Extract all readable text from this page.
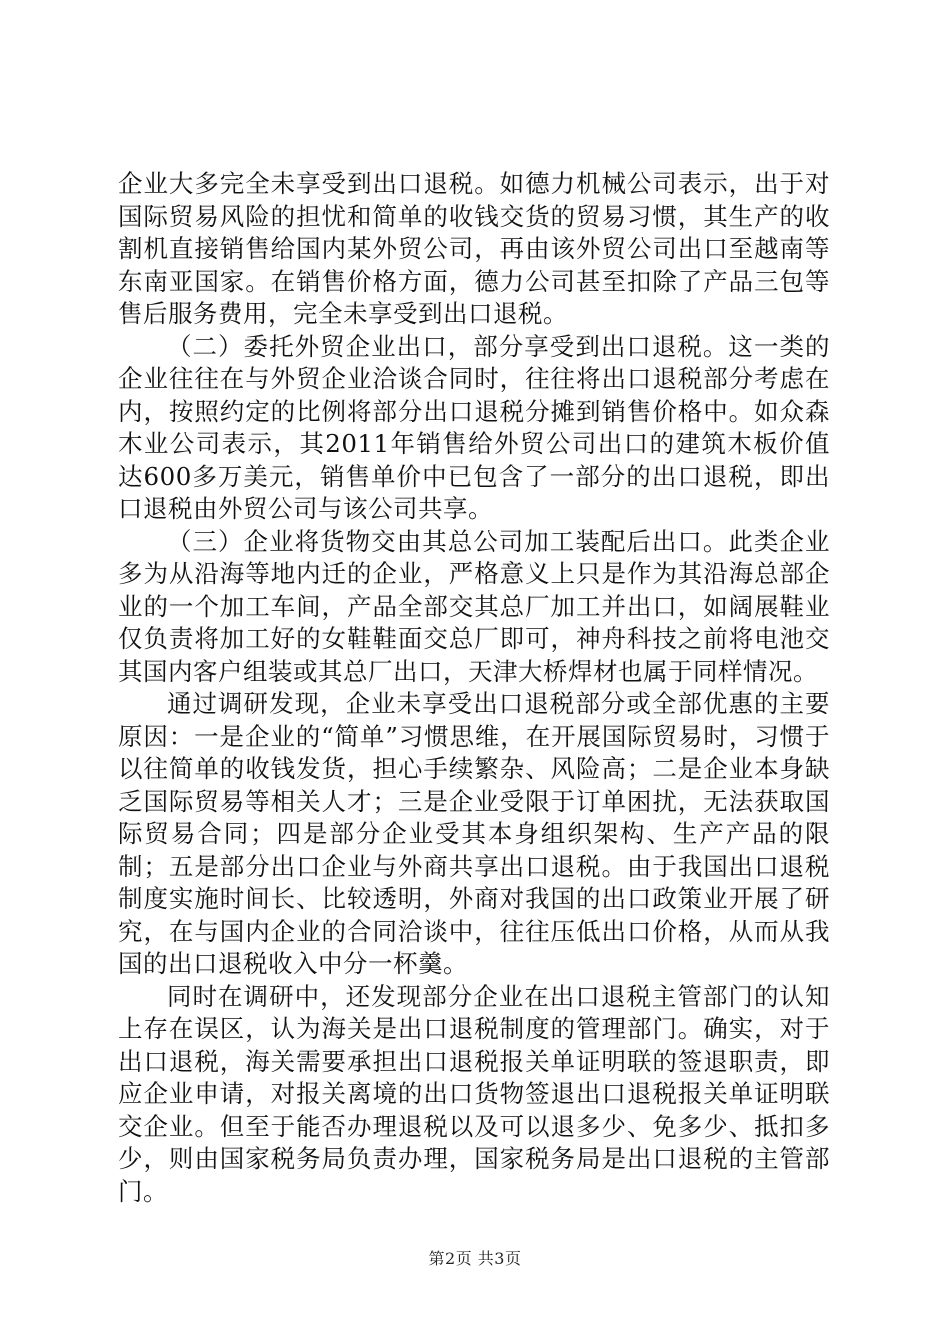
企业大多完全未享受到出口退税。如德力机械公司表示，出于对国际贸易风险的担忧和简单的收钱交货的贸易习惯，其生产的收割机直接销售给国内某外贸公司，再由该外贸公司出口至越南等东南亚国家。在销售价格方面，德力公司甚至扣除了产品三包等售后服务费用，完全未享受到出口退税。

（二）委托外贸企业出口，部分享受到出口退税。这一类的企业往往在与外贸企业洽谈合同时，往往将出口退税部分考虑在内，按照约定的比例将部分出口退税分摊到销售价格中。如众森木业公司表示，其2011年销售给外贸公司出口的建筑木板价值达600多万美元，销售单价中已包含了一部分的出口退税，即出口退税由外贸公司与该公司共享。

（三）企业将货物交由其总公司加工装配后出口。此类企业多为从沿海等地内迁的企业，严格意义上只是作为其沿海总部企业的一个加工车间，产品全部交其总厂加工并出口，如阔展鞋业仅负责将加工好的女鞋鞋面交总厂即可，神舟科技之前将电池交其国内客户组装或其总厂出口，天津大桥焊材也属于同样情况。

通过调研发现，企业未享受出口退税部分或全部优惠的主要原因：一是企业的“简单”习惯思维，在开展国际贸易时，习惯于以往简单的收钱发货，担心手续繁杂、风险高；二是企业本身缺乏国际贸易等相关人才；三是企业受限于订单困扰，无法获取国际贸易合同；四是部分企业受其本身组织架构、生产产品的限制；五是部分出口企业与外商共享出口退税。由于我国出口退税制度实施时间长、比较透明，外商对我国的出口政策业开展了研究，在与国内企业的合同洽谈中，往往压低出口价格，从而从我国的出口退税收入中分一杯羹。

同时在调研中，还发现部分企业在出口退税主管部门的认知上存在误区，认为海关是出口退税制度的管理部门。确实，对于出口退税，海关需要承担出口退税报关单证明联的签退职责，即应企业申请，对报关离境的出口货物签退出口退税报关单证明联交企业。但至于能否办理退税以及可以退多少、免多少、抵扣多少，则由国家税务局负责办理，国家税务局是出口退税的主管部门。

第2页 共3页
